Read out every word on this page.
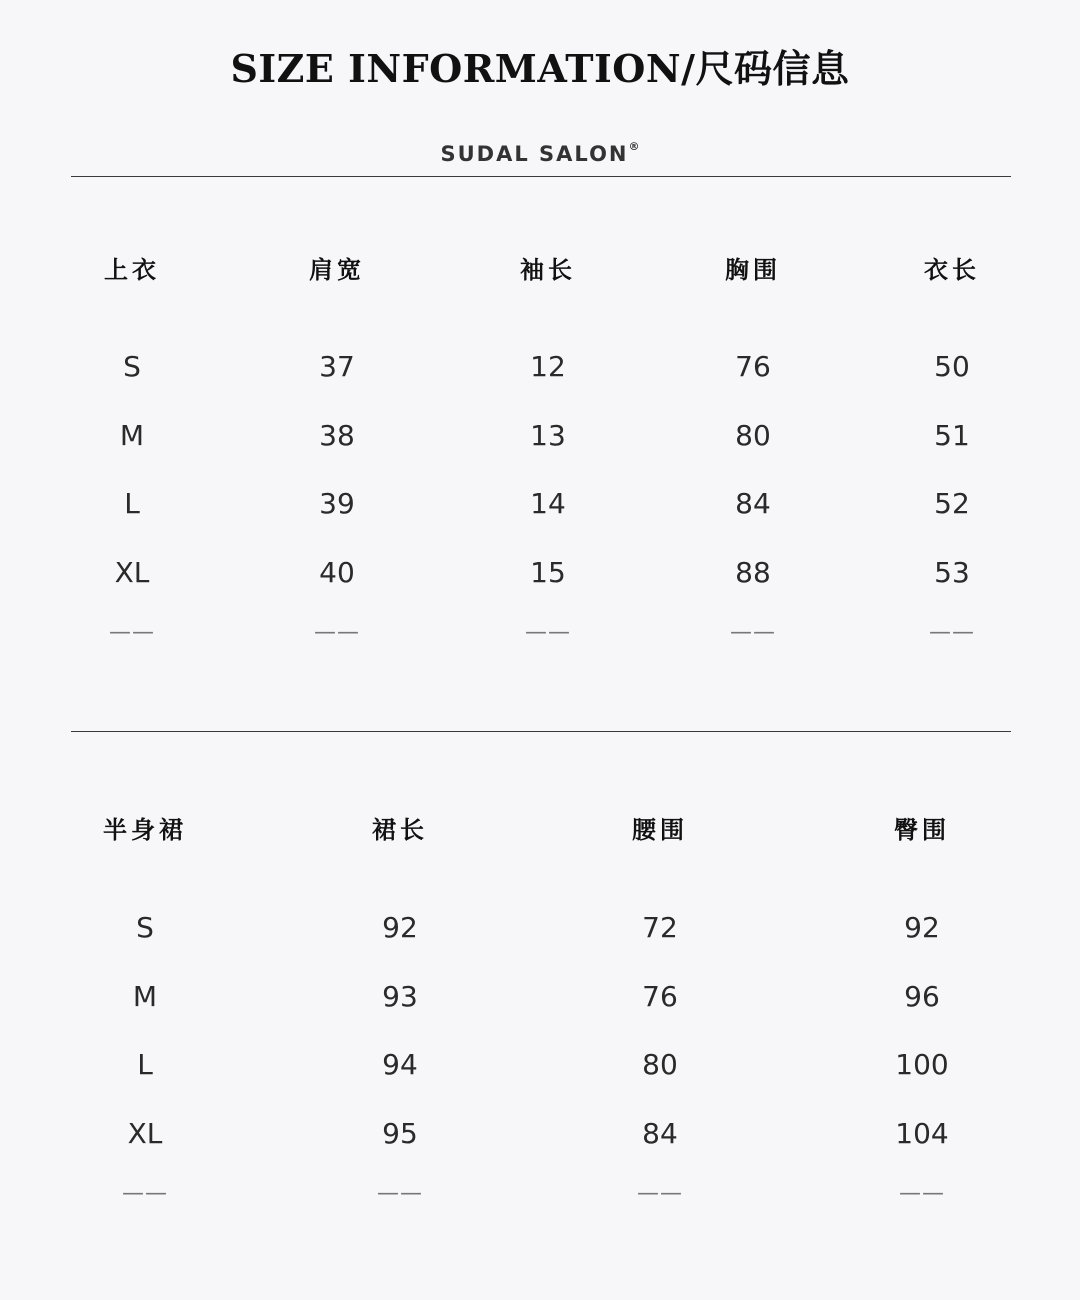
SIZE INFORMATION/尺码信息
SUDAL SALON®
上衣	肩宽	袖长	胸围	衣长
S	37	12	76	50
M	38	13	80	51
L	39	14	84	52
XL	40	15	88	53
——	——	——	——	——
半身裙	裙长	腰围	臀围
S	92	72	92
M	93	76	96
L	94	80	100
XL	95	84	104
——	——	——	——
